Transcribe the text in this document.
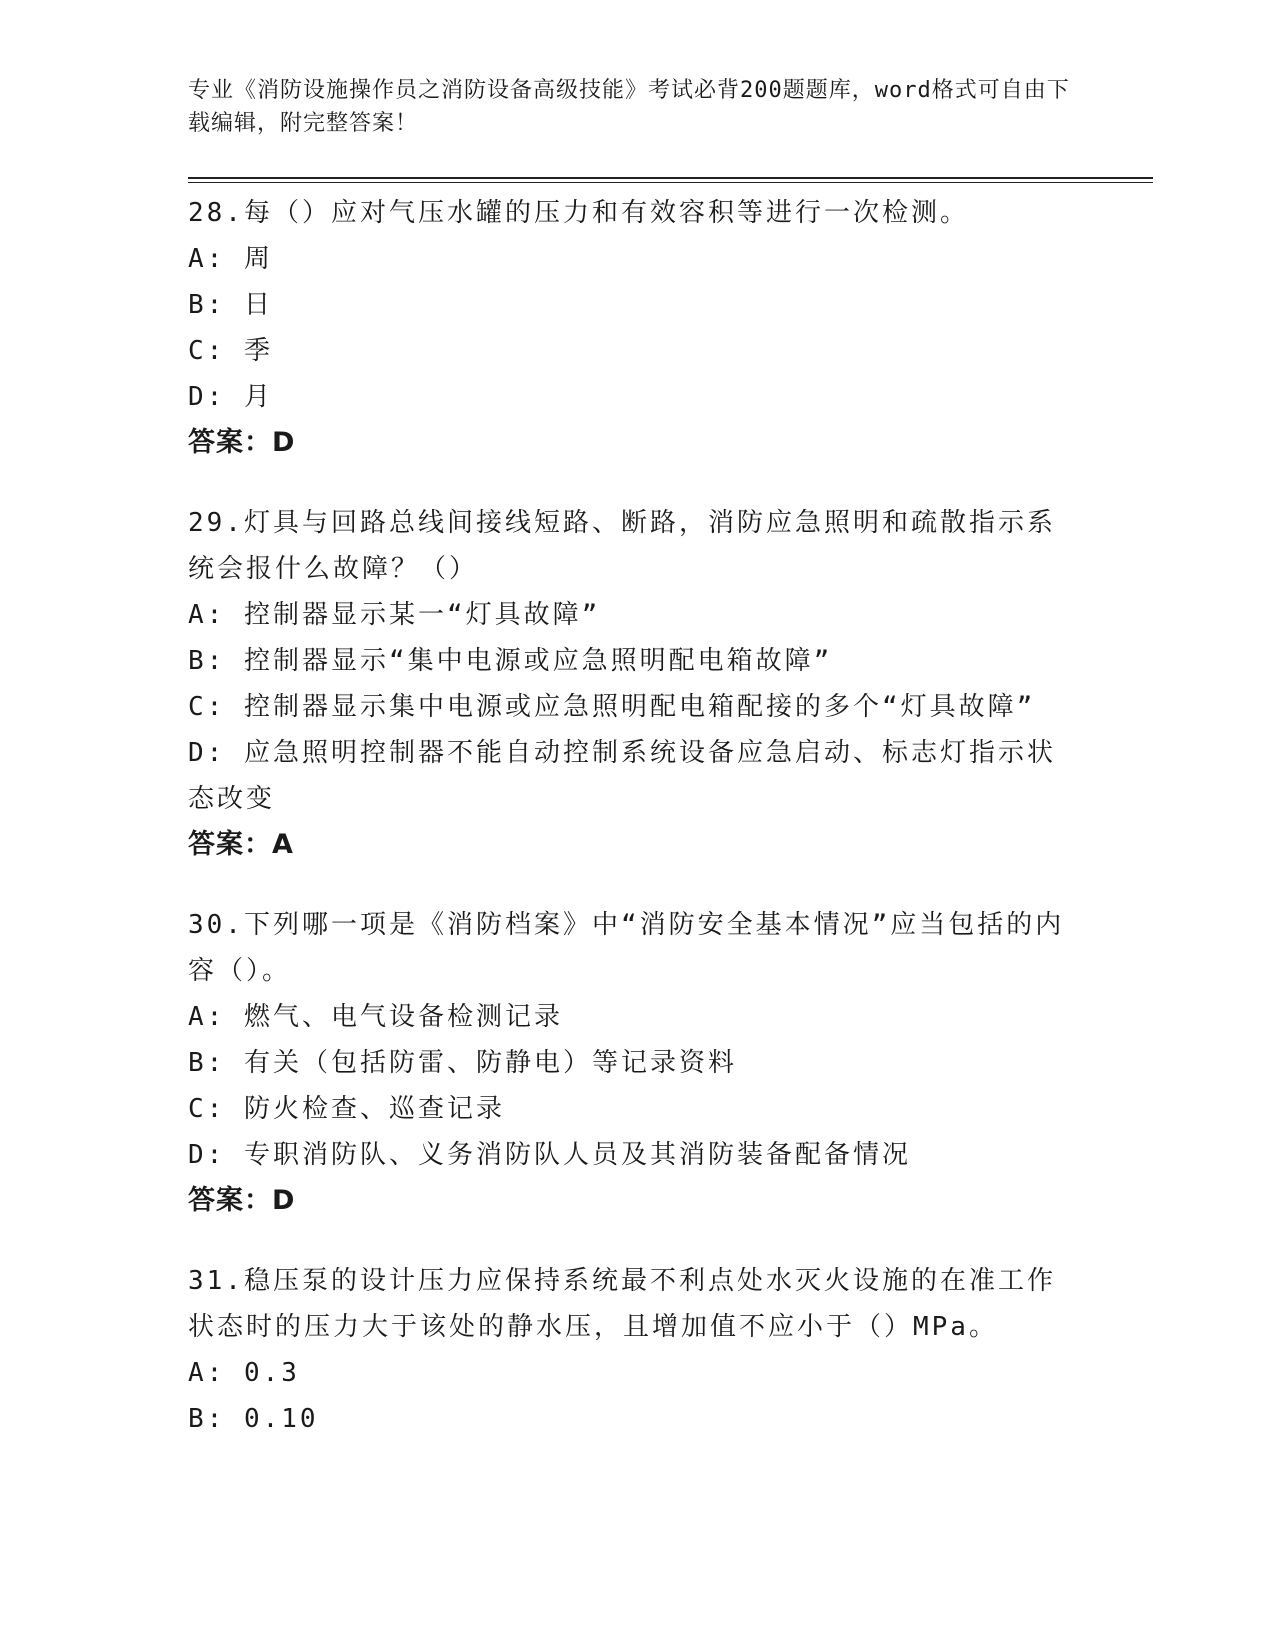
专业《消防设施操作员之消防设备高级技能》考试必背200题题库，word格式可自由下载编辑，附完整答案！

28.每（）应对气压水罐的压力和有效容积等进行一次检测。

A: 周

B: 日

C: 季

D: 月

答案：D

29.灯具与回路总线间接线短路、断路，消防应急照明和疏散指示系统会报什么故障？（）

A: 控制器显示某一“灯具故障”

B: 控制器显示“集中电源或应急照明配电箱故障”

C: 控制器显示集中电源或应急照明配电箱配接的多个“灯具故障”

D: 应急照明控制器不能自动控制系统设备应急启动、标志灯指示状态改变

答案：A

30.下列哪一项是《消防档案》中“消防安全基本情况”应当包括的内容（）。

A: 燃气、电气设备检测记录

B: 有关（包括防雷、防静电）等记录资料

C: 防火检查、巡查记录

D: 专职消防队、义务消防队人员及其消防装备配备情况

答案：D

31.稳压泵的设计压力应保持系统最不利点处水灭火设施的在准工作状态时的压力大于该处的静水压，且增加值不应小于（）MPa。

A: 0.3

B: 0.10
